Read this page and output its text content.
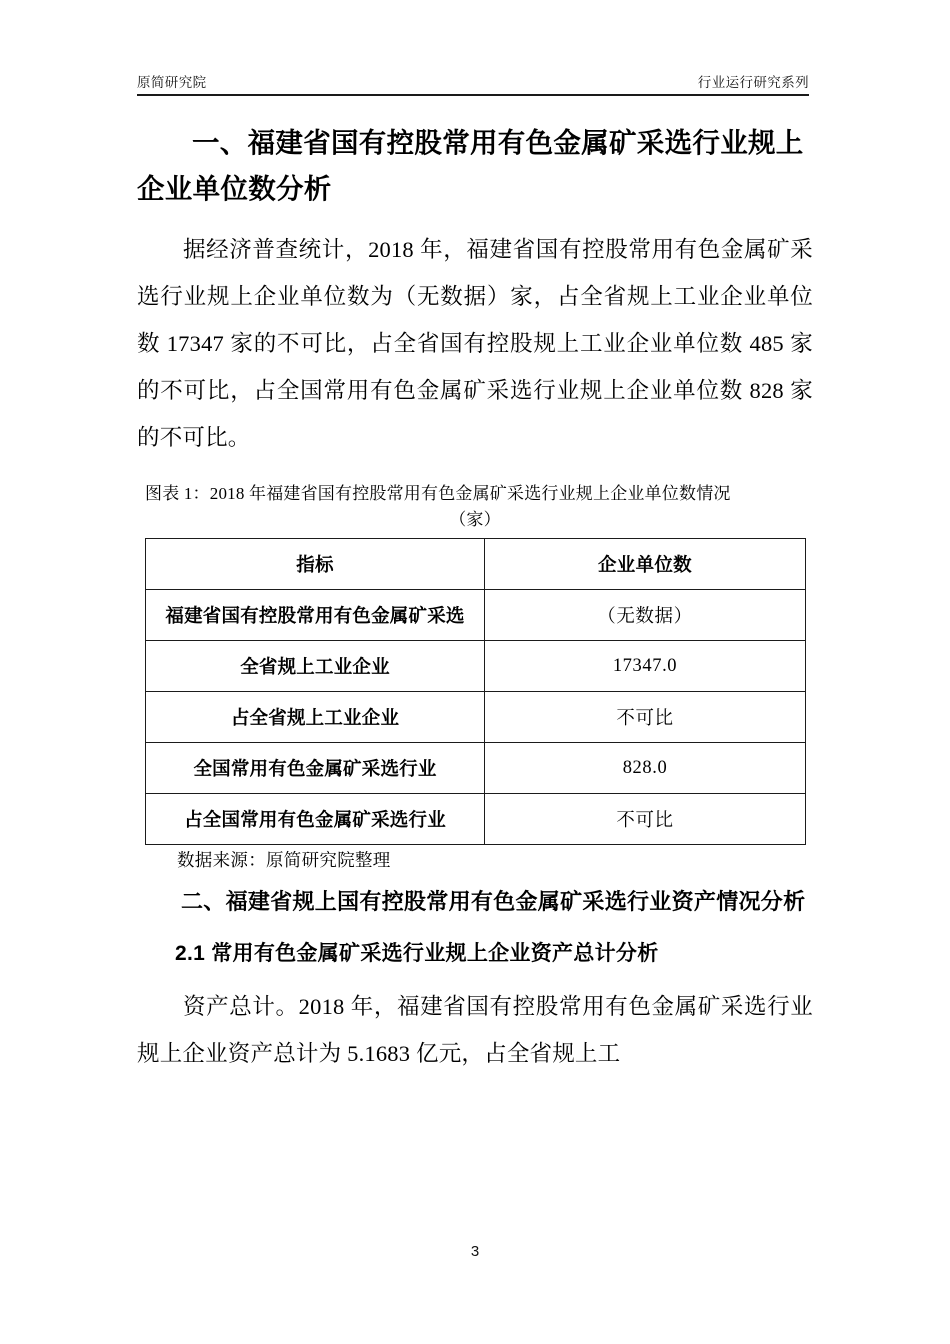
原简研究院	行业运行研究系列
一、福建省国有控股常用有色金属矿采选行业规上企业单位数分析

据经济普查统计，2018 年，福建省国有控股常用有色金属矿采选行业规上企业单位数为（无数据）家，占全省规上工业企业单位数 17347 家的不可比，占全省国有控股规上工业企业单位数 485 家的不可比，占全国常用有色金属矿采选行业规上企业单位数 828 家的不可比。

图表 1：2018 年福建省国有控股常用有色金属矿采选行业规上企业单位数情况
（家）
指标	企业单位数
福建省国有控股常用有色金属矿采选	（无数据）
全省规上工业企业	17347.0
占全省规上工业企业	不可比
全国常用有色金属矿采选行业	828.0
占全国常用有色金属矿采选行业	不可比

数据来源：原简研究院整理

二、福建省规上国有控股常用有色金属矿采选行业资产情况分析
2.1 常用有色金属矿采选行业规上企业资产总计分析

资产总计。2018 年，福建省国有控股常用有色金属矿采选行业规上企业资产总计为 5.1683 亿元，占全省规上工

3
